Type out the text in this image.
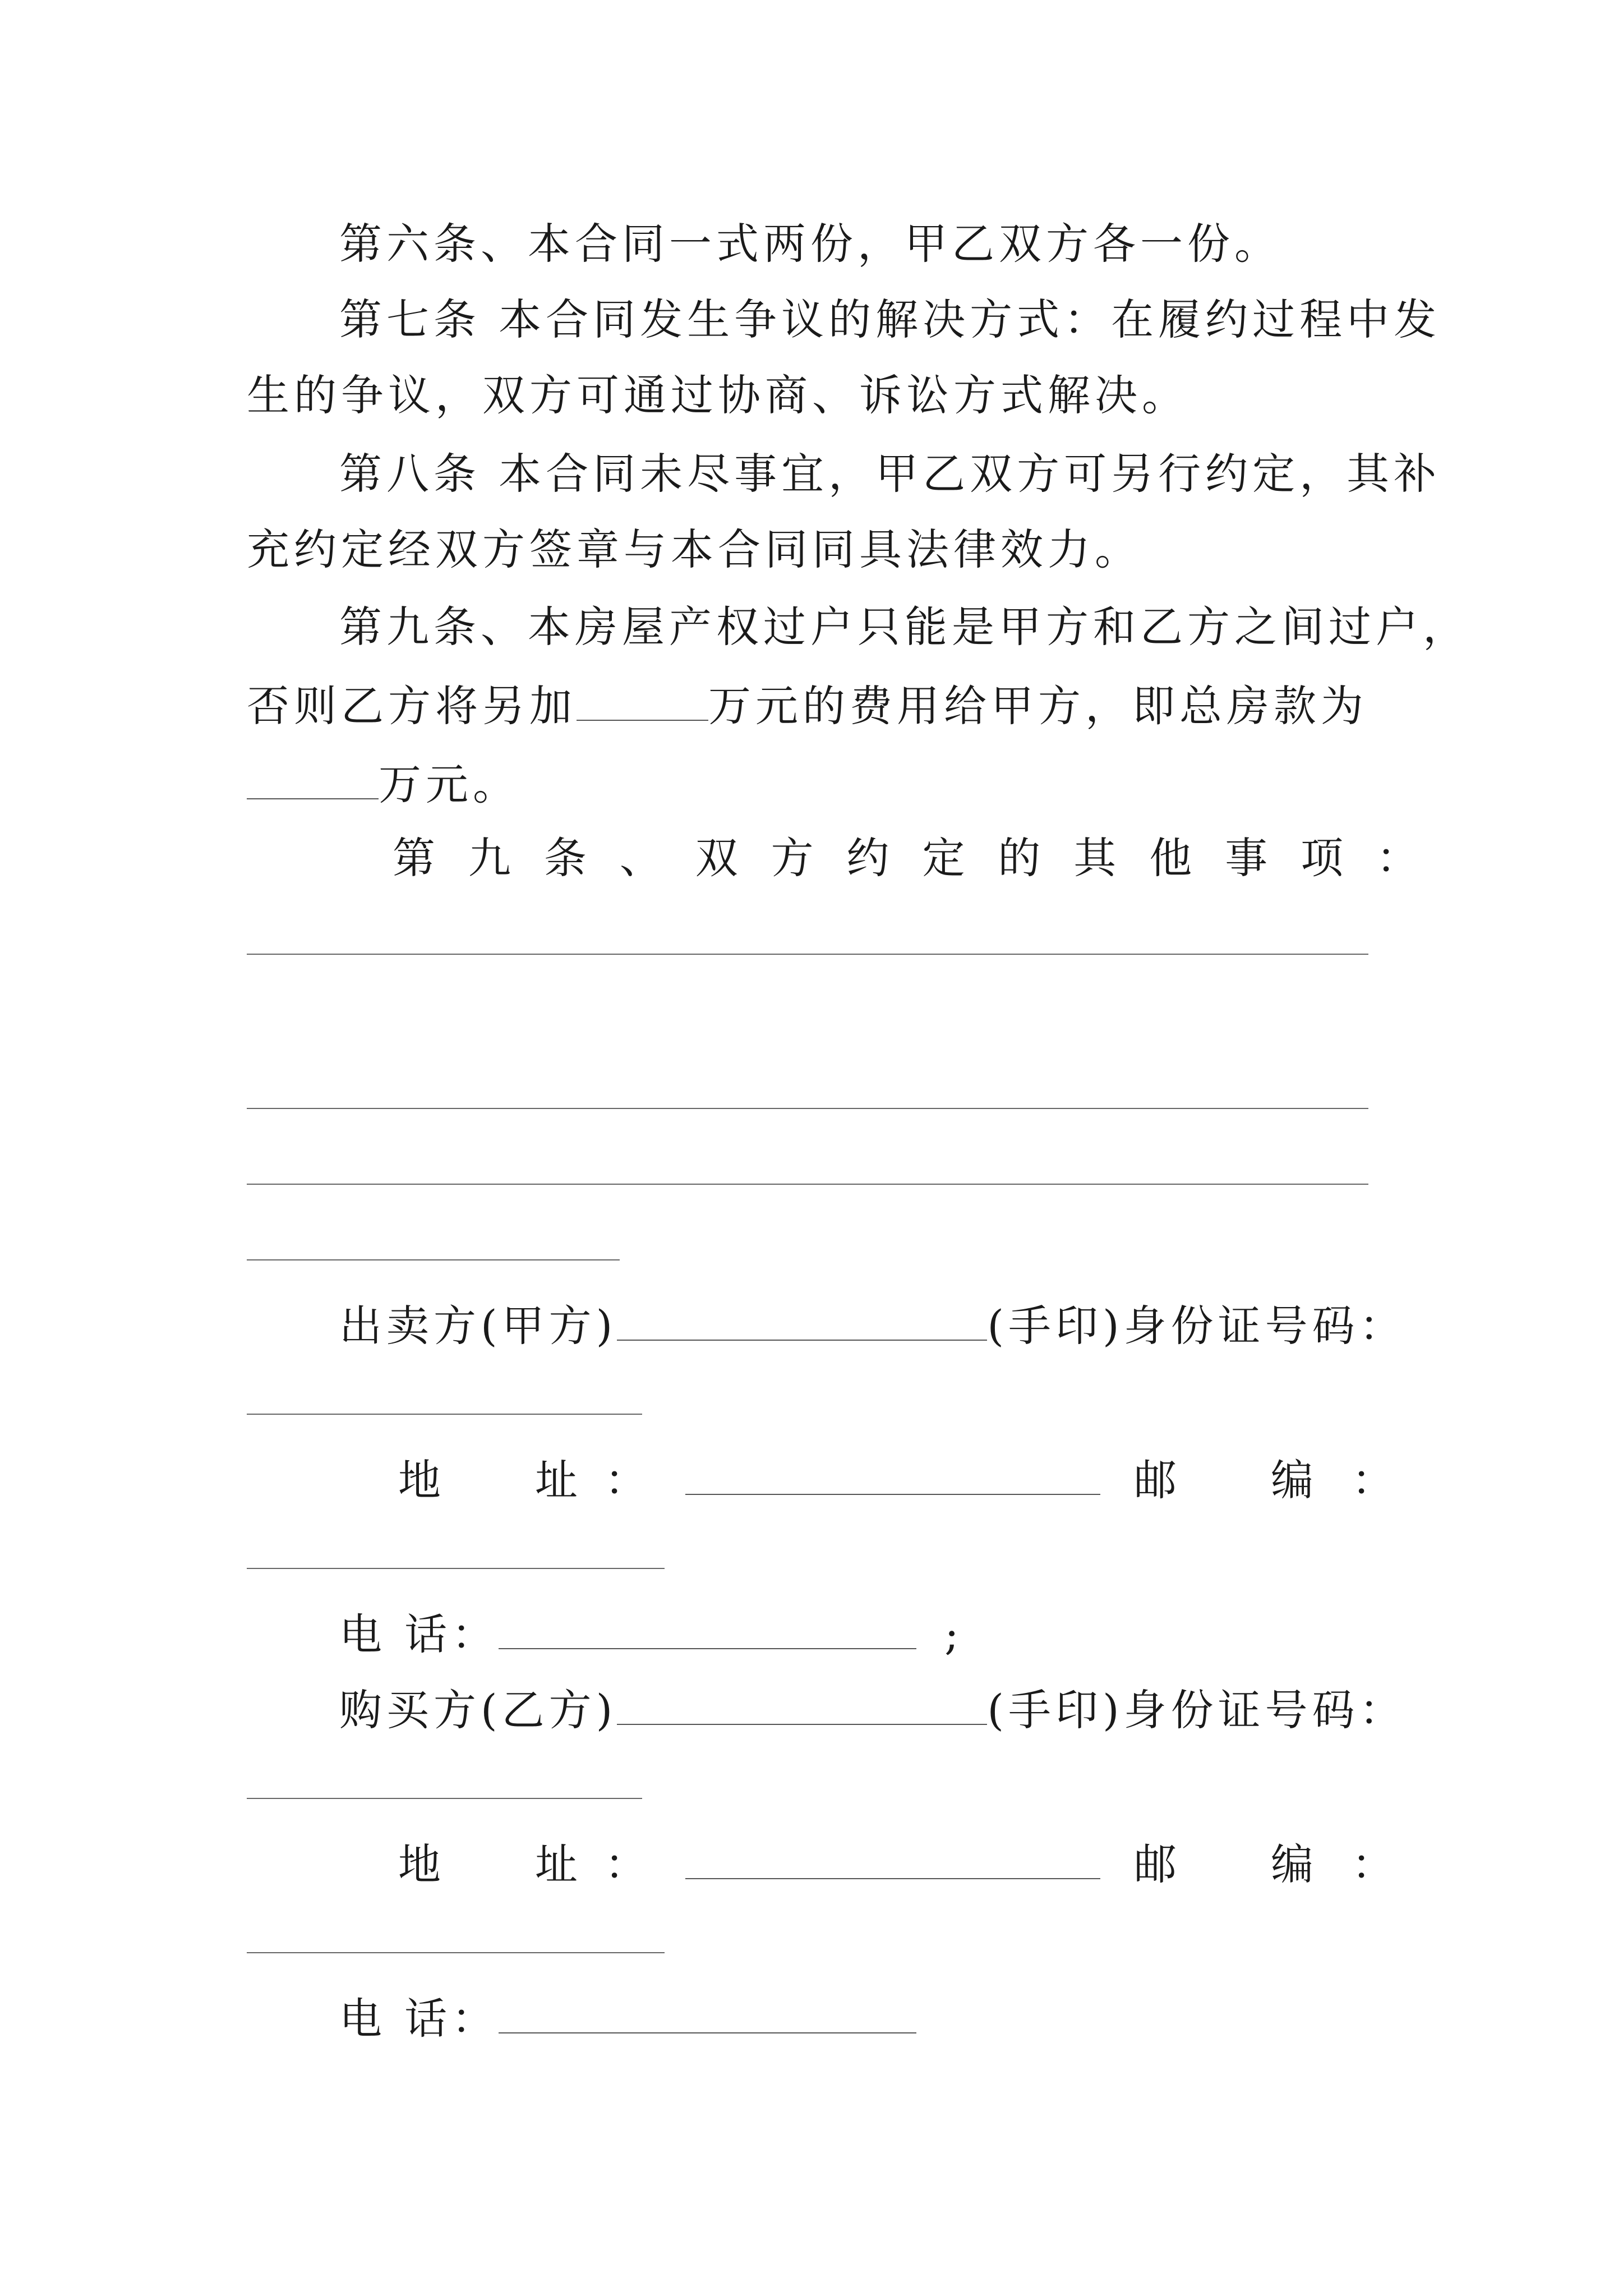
第六条、本合同一式两份，甲乙双方各一份。
第七条 本合同发生争议的解决方式：在履约过程中发
生的争议，双方可通过协商、诉讼方式解决。
第八条 本合同未尽事宜，甲乙双方可另行约定，其补
充约定经双方签章与本合同同具法律效力。
第九条、本房屋产权过户只能是甲方和乙方之间过户，
否则乙方将另加	万元的费用给甲方，即总房款为
万元。
第九条、双方约定的其他事项：
出卖方(甲方)	(手印)身份证号码：
地 址 ：	邮 编 ：
电 话：	;
购买方(乙方)	(手印)身份证号码：
地 址 ：	邮 编 ：
电 话：
